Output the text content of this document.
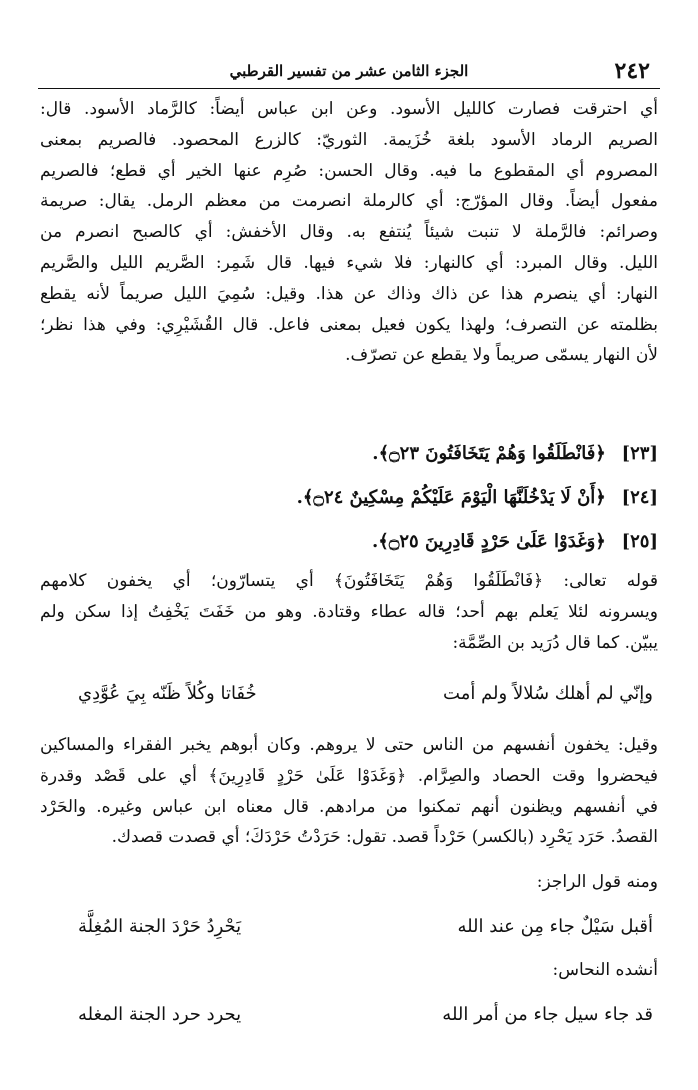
٢٤٢
الجزء الثامن عشر من تفسير القرطبي
أي احترقت فصارت كالليل الأسود. وعن ابن عباس أيضاً: كالرَّماد الأسود. قال:
الصريم الرماد الأسود بلغة خُزَيمة. الثوريّ: كالزرع المحصود. فالصريم بمعنى
المصروم أي المقطوع ما فيه. وقال الحسن: صُرِم عنها الخير أي قطع؛ فالصريم
مفعول أيضاً. وقال المؤرّج: أي كالرملة انصرمت من معظم الرمل. يقال: صريمة
وصرائم: فالرَّملة لا تنبت شيئاً يُنتفع به. وقال الأخفش: أي كالصبح انصرم من
الليل. وقال المبرد: أي كالنهار: فلا شيء فيها. قال شَمِر: الصَّريم الليل والصَّريم
النهار: أي ينصرم هذا عن ذاك وذاك عن هذا. وقيل: سُمِيَ الليل صريماً لأنه يقطع
بظلمته عن التصرف؛ ولهذا يكون فعيل بمعنى فاعل. قال القُشَيْرِي: وفي هذا نظر؛
لأن النهار يسمّى صريماً ولا يقطع عن تصرّف.
[٢٣] ﴿فَانْطَلَقُوا وَهُمْ يَتَخَافَتُونَ ۝٢٣﴾.
[٢٤] ﴿أَنْ لَا يَدْخُلَنَّهَا الْيَوْمَ عَلَيْكُمْ مِسْكِينٌ ۝٢٤﴾.
[٢٥] ﴿وَغَدَوْا عَلَىٰ حَرْدٍ قَادِرِينَ ۝٢٥﴾.
قوله تعالى: ﴿فَانْطَلَقُوا وَهُمْ يَتَخَافَتُونَ﴾ أي يتسارّون؛ أي يخفون كلامهم
ويسرونه لئلا يَعلم بهم أحد؛ قاله عطاء وقتادة. وهو من خَفَتَ يَخْفِتُ إذا سكن ولم
يبيّن. كما قال دُرَيد بن الصِّمَّة:
وإنّي لم أهلك سُلالاً ولم أمت
خُفَاتا وكُلاً ظَنّه بِيَ عُوَّدِي
وقيل: يخفون أنفسهم من الناس حتى لا يروهم. وكان أبوهم يخبر الفقراء والمساكين
فيحضروا وقت الحصاد والصِرَّام. ﴿وَغَدَوْا عَلَىٰ حَرْدٍ قَادِرِينَ﴾ أي على قَصْد وقدرة
في أنفسهم ويظنون أنهم تمكنوا من مرادهم. قال معناه ابن عباس وغيره. والحَرْد
القصدُ. حَرَد يَحْرِد (بالكسر) حَرْداً قصد. تقول: حَرَدْتُ حَرْدَكَ؛ أي قصدت قصدك.
ومنه قول الراجز:
أقبل سَيْلٌ جاء مِن عند الله
يَحْرِدُ حَرْدَ الجنة المُغِلَّة
أنشده النحاس:
قد جاء سيل جاء من أمر الله
يحرد حرد الجنة المغله
